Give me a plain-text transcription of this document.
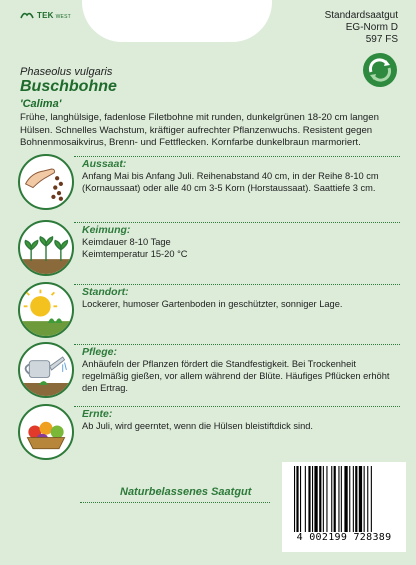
TEK WEST	Standardsaatgut
EG-Norm D
597 FS
Phaseolus vulgaris
Buschbohne
'Calima'
Frühe, langhülsige, fadenlose Filetbohne mit runden, dunkelgrünen 18-20 cm langen Hülsen. Schnelles Wachstum, kräftiger aufrechter Pflanzenwuchs. Resistent gegen Bohnenmosaikvirus, Brenn- und Fettflecken. Kornfarbe dunkelbraun marmoriert.
Aussaat:
Anfang Mai bis Anfang Juli. Reihenabstand 40 cm, in der Reihe 8-10 cm (Kornaussaat) oder alle 40 cm 3-5 Korn (Horstaussaat). Saattiefe 3 cm.
Keimung:
Keimdauer 8-10 Tage
Keimtemperatur 15-20 °C
Standort:
Lockerer, humoser Gartenboden in geschützter, sonniger Lage.
Pflege:
Anhäufeln der Pflanzen fördert die Standfestigkeit. Bei Trockenheit regelmäßig gießen, vor allem während der Blüte. Häufiges Pflücken erhöht den Ertrag.
Ernte:
Ab Juli, wird geerntet, wenn die Hülsen bleistiftdick sind.
Naturbelassenes Saatgut
4 002199 728389
